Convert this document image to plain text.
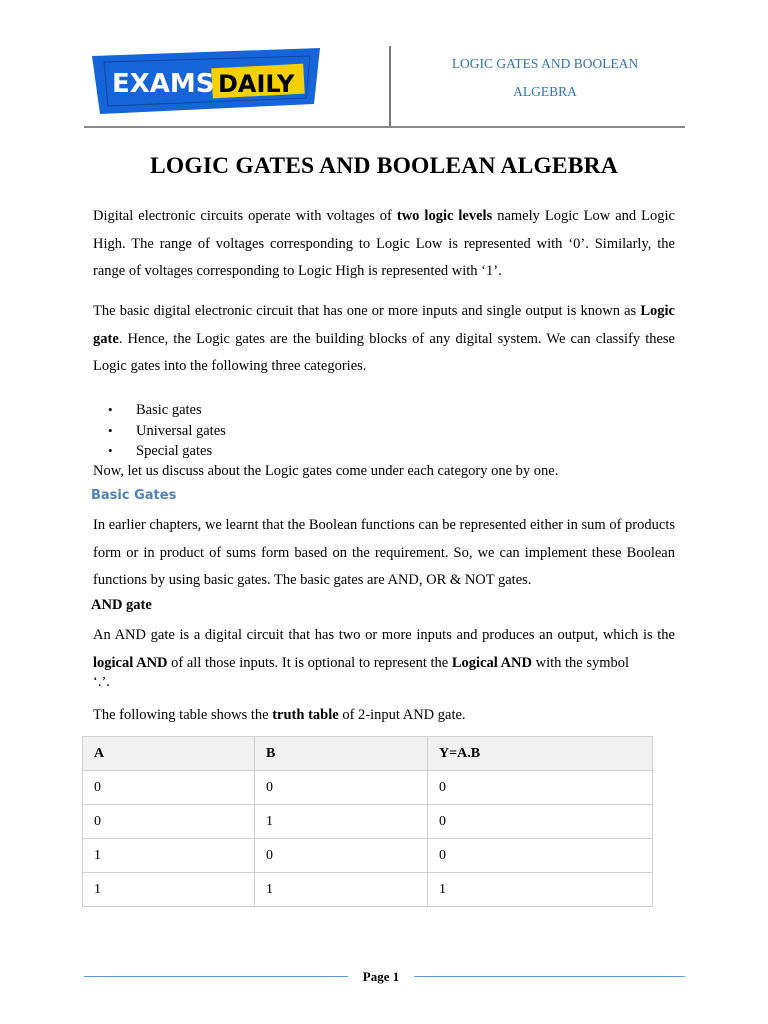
EXAMS DAILY
LOGIC GATES AND BOOLEAN
ALGEBRA
LOGIC GATES AND BOOLEAN ALGEBRA
Digital electronic circuits operate with voltages of two logic levels namely Logic Low and Logic High. The range of voltages corresponding to Logic Low is represented with ‘0’. Similarly, the range of voltages corresponding to Logic High is represented with ‘1’.
The basic digital electronic circuit that has one or more inputs and single output is known as Logic gate. Hence, the Logic gates are the building blocks of any digital system. We can classify these Logic gates into the following three categories.
• Basic gates
• Universal gates
• Special gates
Now, let us discuss about the Logic gates come under each category one by one.
Basic Gates
In earlier chapters, we learnt that the Boolean functions can be represented either in sum of products form or in product of sums form based on the requirement. So, we can implement these Boolean functions by using basic gates. The basic gates are AND, OR & NOT gates.
AND gate
An AND gate is a digital circuit that has two or more inputs and produces an output, which is the logical AND of all those inputs. It is optional to represent the Logical AND with the symbol
‘.’.
The following table shows the truth table of 2-input AND gate.
A	B	Y=A.B
0	0	0
0	1	0
1	0	0
1	1	1
Page 1
